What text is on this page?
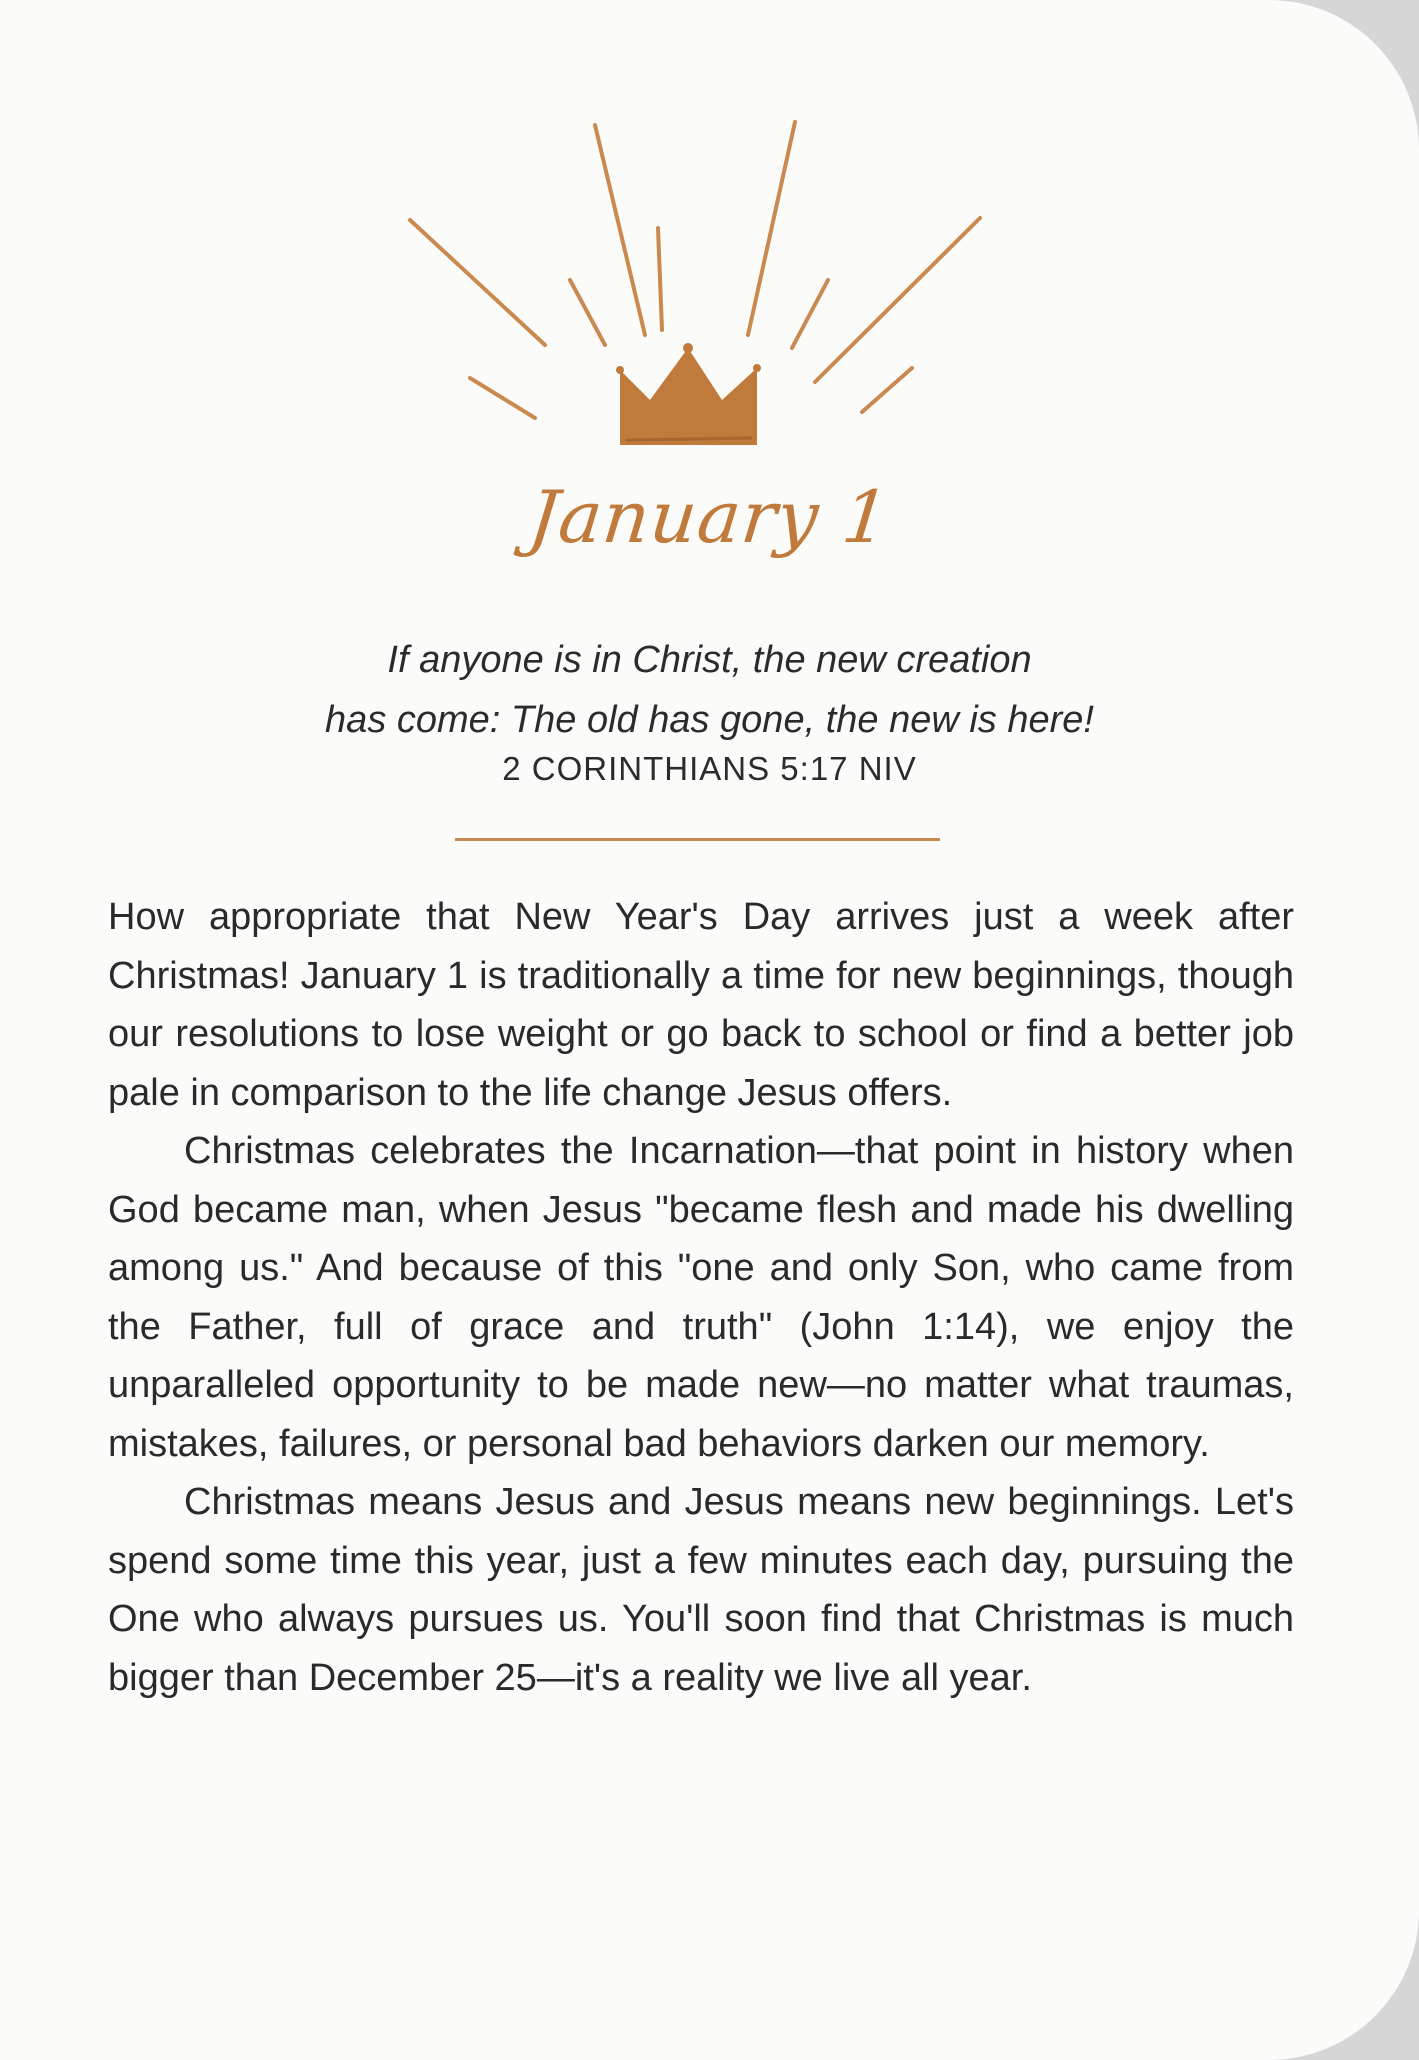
January 1
If anyone is in Christ, the new creation
has come: The old has gone, the new is here!
2 CORINTHIANS 5:17 NIV

How appropriate that New Year's Day arrives just a week after Christmas! January 1 is traditionally a time for new beginnings, though our resolutions to lose weight or go back to school or find a better job pale in comparison to the life change Jesus offers.

Christmas celebrates the Incarnation—that point in history when God became man, when Jesus "became flesh and made his dwelling among us." And because of this "one and only Son, who came from the Father, full of grace and truth" (John 1:14), we enjoy the unparalleled opportunity to be made new—no matter what traumas, mistakes, failures, or personal bad behaviors darken our memory.

Christmas means Jesus and Jesus means new beginnings. Let's spend some time this year, just a few minutes each day, pursuing the One who always pursues us. You'll soon find that Christmas is much bigger than December 25—it's a reality we live all year.
